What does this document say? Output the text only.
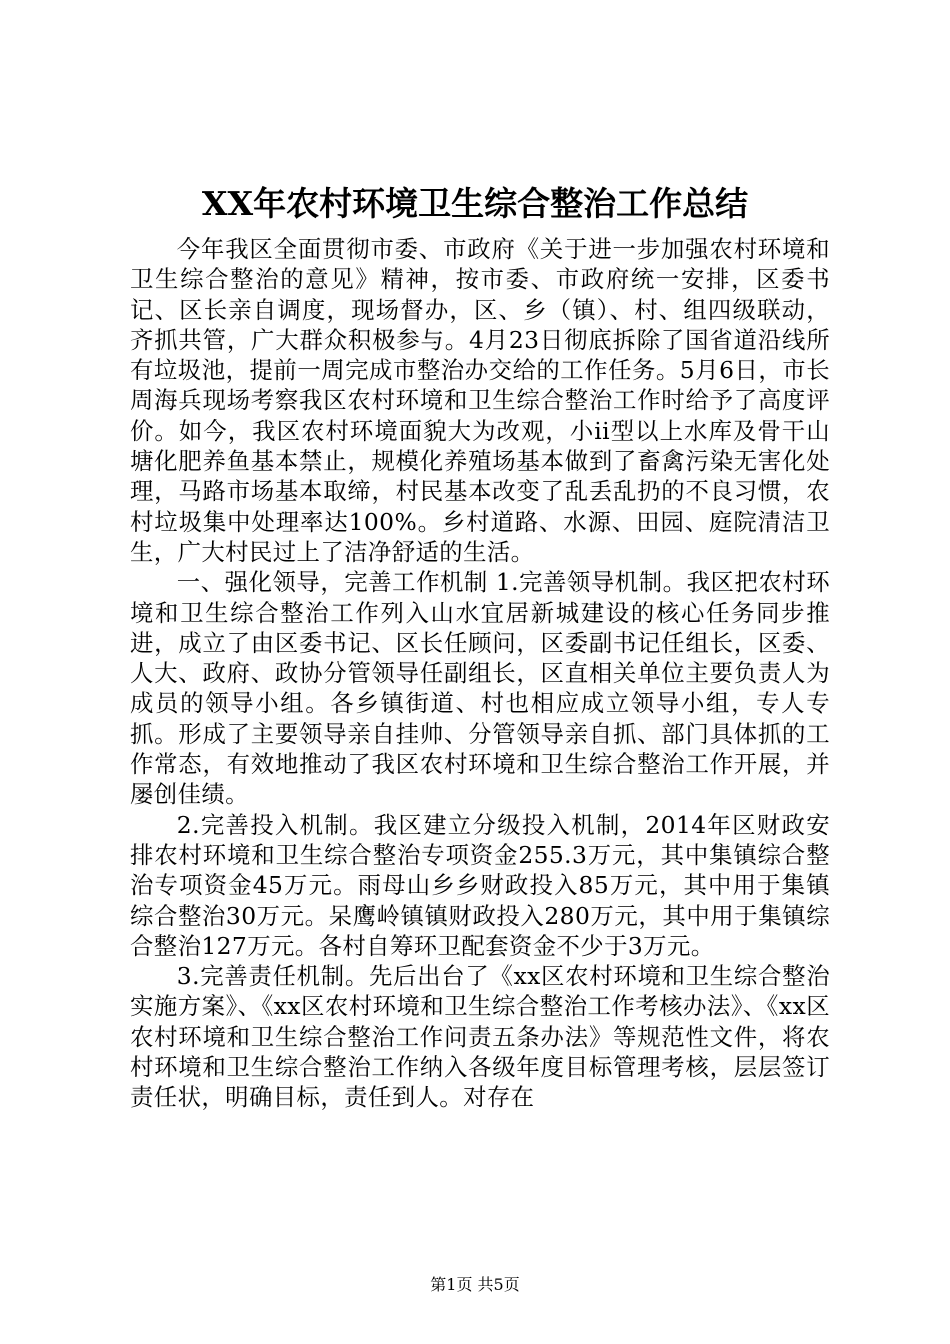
XX年农村环境卫生综合整治工作总结

今年我区全面贯彻市委、市政府《关于进一步加强农村环境和卫生综合整治的意见》精神，按市委、市政府统一安排，区委书记、区长亲自调度，现场督办，区、乡（镇）、村、组四级联动，齐抓共管，广大群众积极参与。4月23日彻底拆除了国省道沿线所有垃圾池，提前一周完成市整治办交给的工作任务。5月6日，市长周海兵现场考察我区农村环境和卫生综合整治工作时给予了高度评价。如今，我区农村环境面貌大为改观，小ii型以上水库及骨干山塘化肥养鱼基本禁止，规模化养殖场基本做到了畜禽污染无害化处理，马路市场基本取缔，村民基本改变了乱丢乱扔的不良习惯，农村垃圾集中处理率达100%。乡村道路、水源、田园、庭院清洁卫生，广大村民过上了洁净舒适的生活。

一、强化领导，完善工作机制 1.完善领导机制。我区把农村环境和卫生综合整治工作列入山水宜居新城建设的核心任务同步推进，成立了由区委书记、区长任顾问，区委副书记任组长，区委、人大、政府、政协分管领导任副组长，区直相关单位主要负责人为成员的领导小组。各乡镇街道、村也相应成立领导小组，专人专抓。形成了主要领导亲自挂帅、分管领导亲自抓、部门具体抓的工作常态，有效地推动了我区农村环境和卫生综合整治工作开展，并屡创佳绩。

2.完善投入机制。我区建立分级投入机制，2014年区财政安排农村环境和卫生综合整治专项资金255.3万元，其中集镇综合整治专项资金45万元。雨母山乡乡财政投入85万元，其中用于集镇综合整治30万元。呆鹰岭镇镇财政投入280万元，其中用于集镇综合整治127万元。各村自筹环卫配套资金不少于3万元。

3.完善责任机制。先后出台了《xx区农村环境和卫生综合整治实施方案》、《xx区农村环境和卫生综合整治工作考核办法》、《xx区农村环境和卫生综合整治工作问责五条办法》等规范性文件，将农村环境和卫生综合整治工作纳入各级年度目标管理考核，层层签订责任状，明确目标，责任到人。对存在

第1页 共5页
